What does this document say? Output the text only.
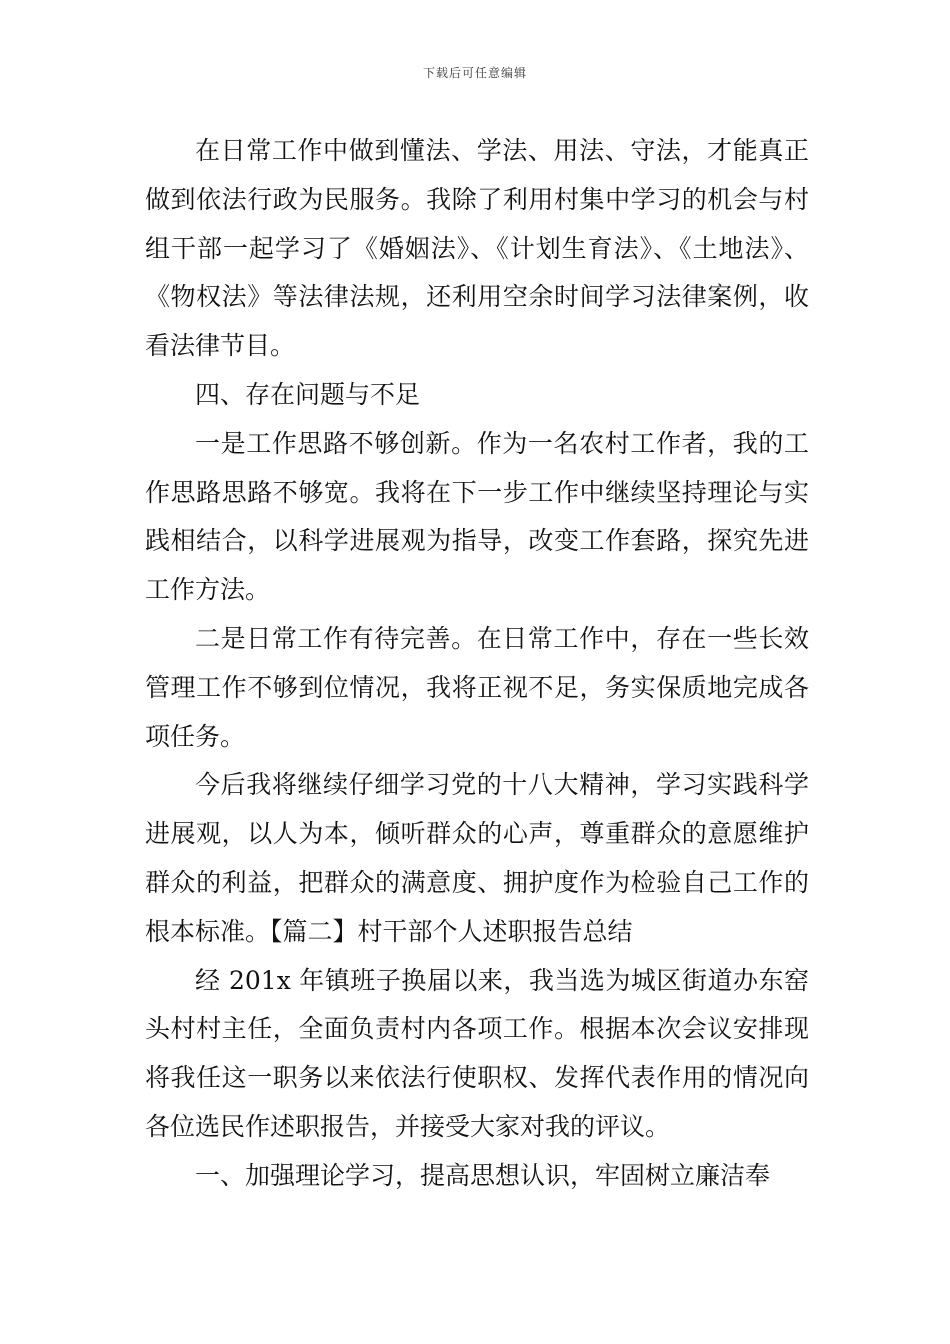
下载后可任意编辑

在日常工作中做到懂法、学法、用法、守法，才能真正做到依法行政为民服务。我除了利用村集中学习的机会与村组干部一起学习了《婚姻法》、《计划生育法》、《土地法》、《物权法》等法律法规，还利用空余时间学习法律案例，收看法律节目。

四、存在问题与不足

一是工作思路不够创新。作为一名农村工作者，我的工作思路思路不够宽。我将在下一步工作中继续坚持理论与实践相结合，以科学进展观为指导，改变工作套路，探究先进工作方法。

二是日常工作有待完善。在日常工作中，存在一些长效管理工作不够到位情况，我将正视不足，务实保质地完成各项任务。

今后我将继续仔细学习党的十八大精神，学习实践科学进展观，以人为本，倾听群众的心声，尊重群众的意愿维护群众的利益，把群众的满意度、拥护度作为检验自己工作的根本标准。【篇二】村干部个人述职报告总结

经 201x 年镇班子换届以来，我当选为城区街道办东窑头村村主任，全面负责村内各项工作。根据本次会议安排现将我任这一职务以来依法行使职权、发挥代表作用的情况向各位选民作述职报告，并接受大家对我的评议。

一、加强理论学习，提高思想认识，牢固树立廉洁奉
